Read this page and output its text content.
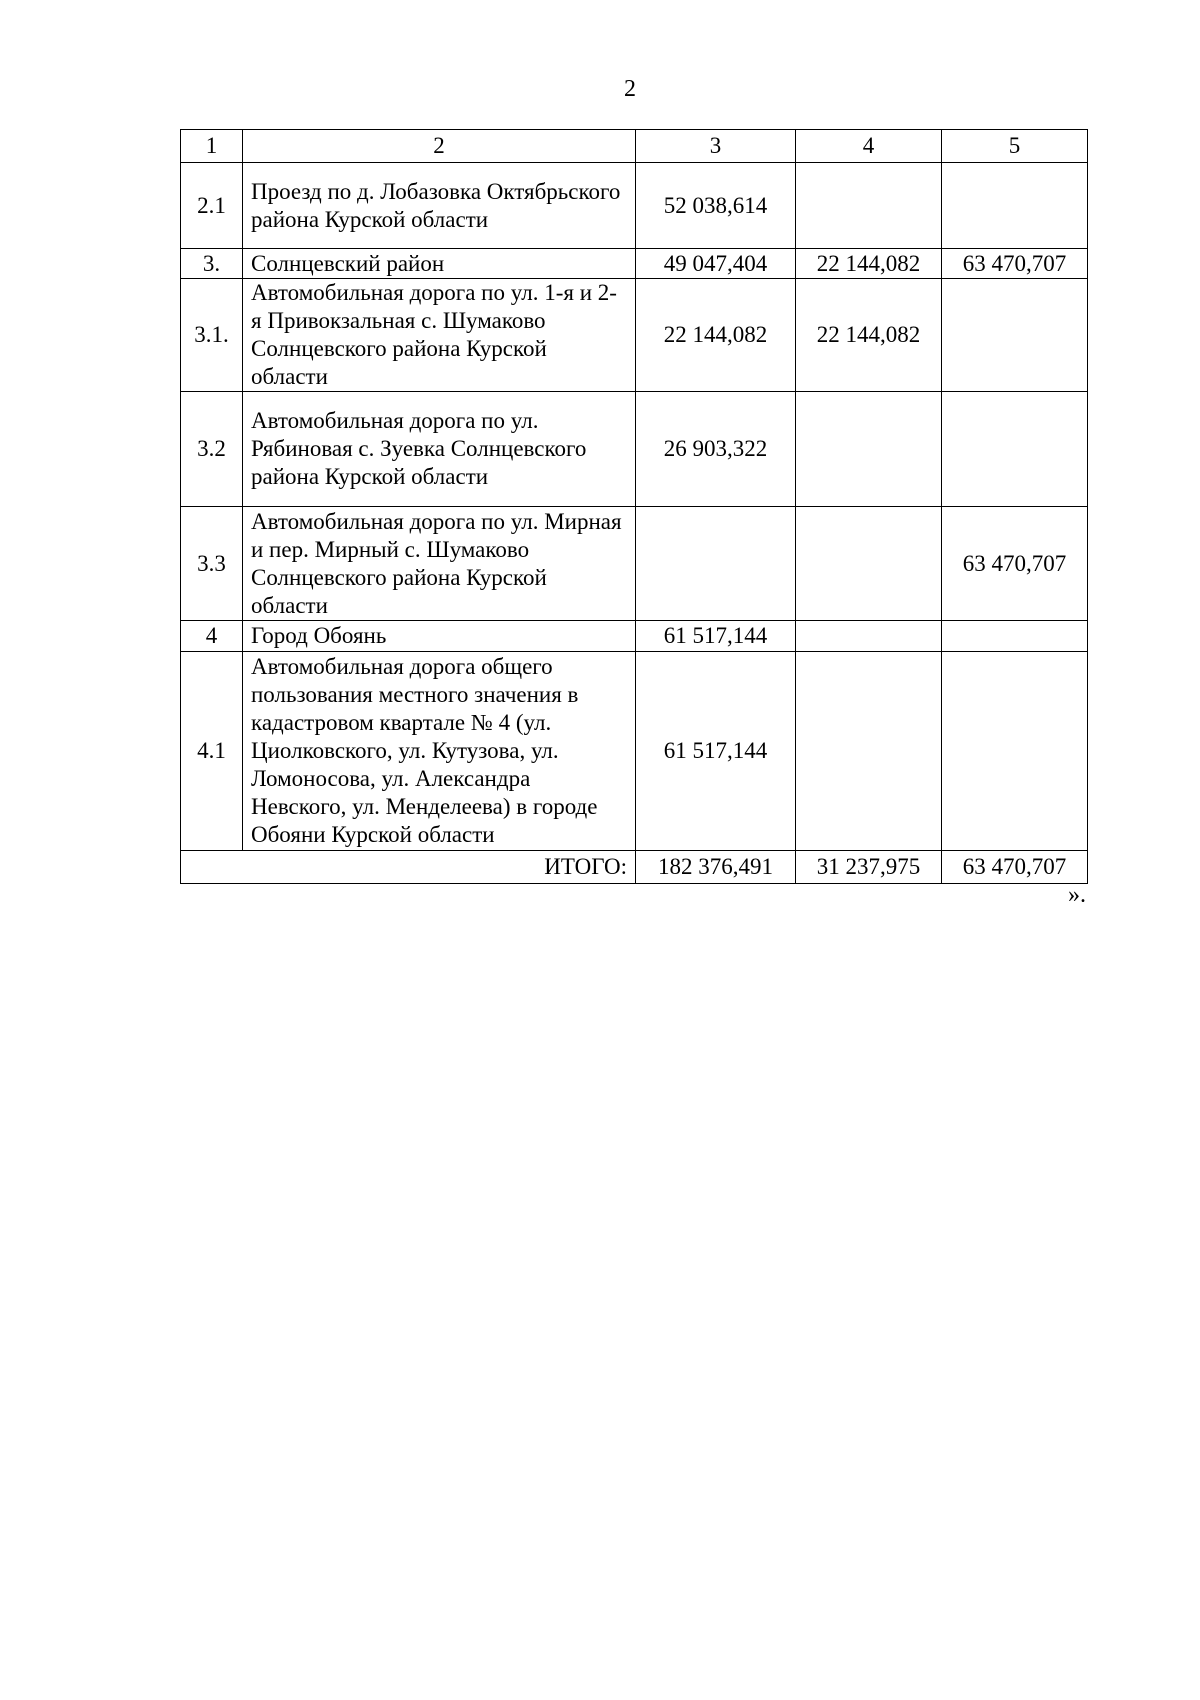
2
1	2	3	4	5
2.1	Проезд по д. Лобазовка Октябрьского района Курской области	52 038,614		
3.	Солнцевский район	49 047,404	22 144,082	63 470,707
3.1.	Автомобильная дорога по ул. 1-я и 2-я Привокзальная с. Шумаково Солнцевского района Курской области	22 144,082	22 144,082	
3.2	Автомобильная дорога по ул. Рябиновая с. Зуевка Солнцевского района Курской области	26 903,322		
3.3	Автомобильная дорога по ул. Мирная и пер. Мирный с. Шумаково Солнцевского района Курской области			63 470,707
4	Город Обоянь	61 517,144		
4.1	Автомобильная дорога общего пользования местного значения в кадастровом квартале № 4 (ул. Циолковского, ул. Кутузова, ул. Ломоносова, ул. Александра Невского, ул. Менделеева) в городе Обояни Курской области	61 517,144		
ИТОГО:		182 376,491	31 237,975	63 470,707
».
